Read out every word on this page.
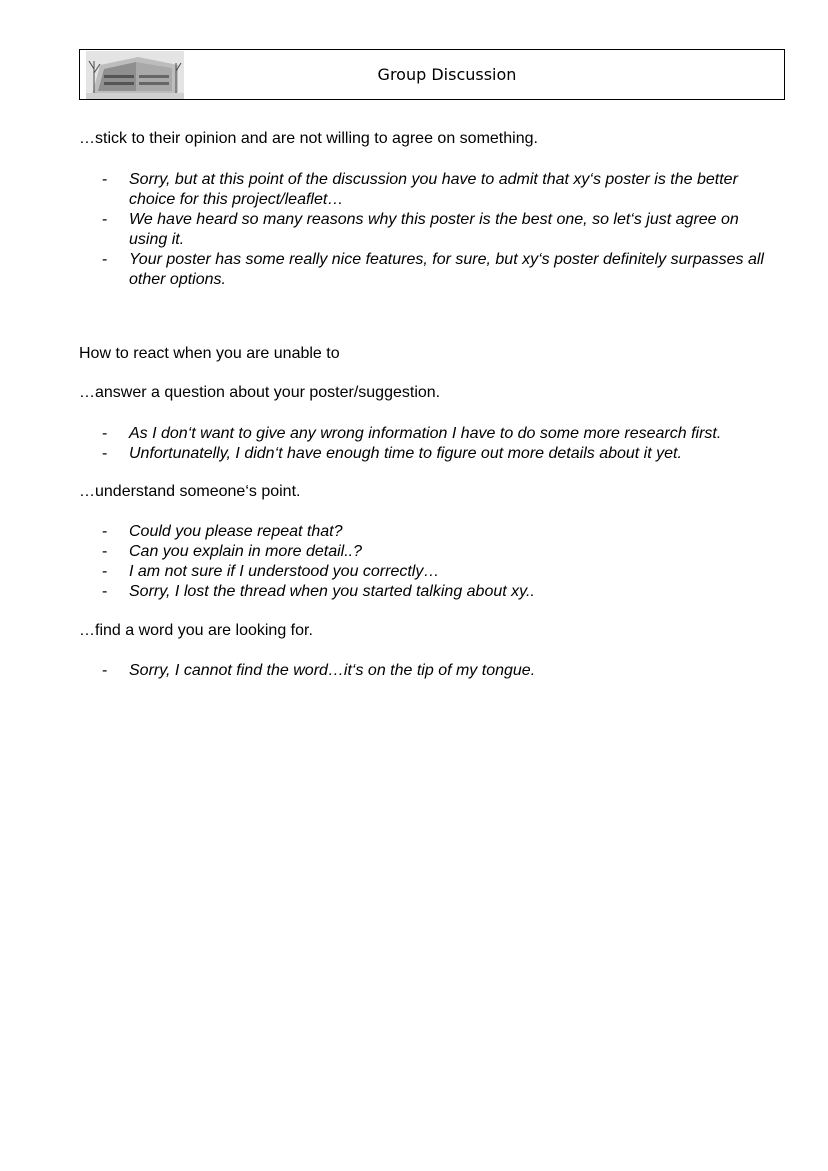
Group Discussion
…stick to their opinion and are not willing to agree on something.
- Sorry, but at this point of the discussion you have to admit that xy‘s poster is the better choice for this project/leaflet…
- We have heard so many reasons why this poster is the best one, so let‘s just agree on using it.
- Your poster has some really nice features, for sure, but xy‘s poster definitely surpasses all other options.
How to react when you are unable to
…answer a question about your poster/suggestion.
- As I don‘t want to give any wrong information I have to do some more research first.
- Unfortunatelly, I didn‘t have enough time to figure out more details about it yet.
…understand someone‘s point.
- Could you please repeat that?
- Can you explain in more detail..?
- I am not sure if I understood you correctly…
- Sorry, I lost the thread when you started talking about xy..
…find a word you are looking for.
- Sorry, I cannot find the word…it‘s on the tip of my tongue.
